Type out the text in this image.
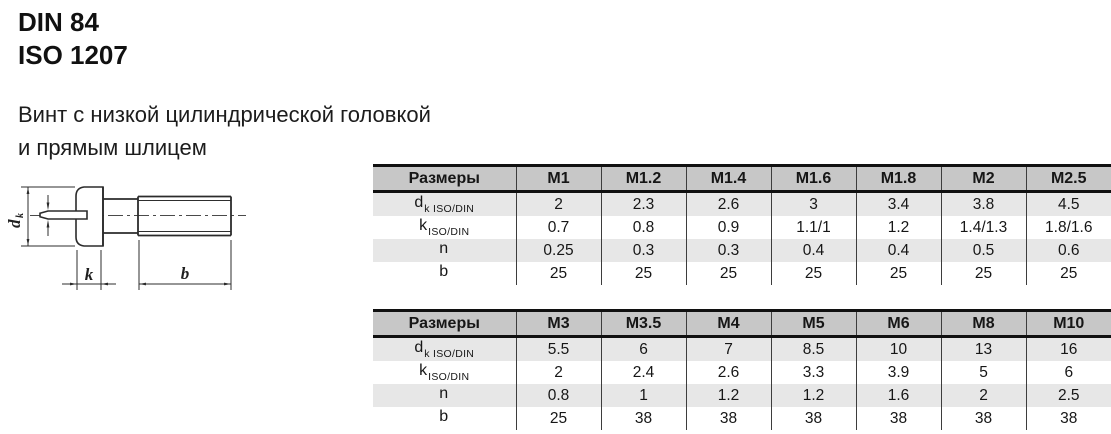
DIN 84
ISO 1207
Винт с низкой цилиндрической головкой
и прямым шлицем
d
k
k	b
Размеры	M1	M1.2	M1.4	M1.6	M1.8	M2	M2.5
$d_{k ISO/DIN}$	2	2.3	2.6	3	3.4	3.8	4.5
$k_{ISO/DIN}$	0.7	0.8	0.9	1.1/1	1.2	1.4/1.3	1.8/1.6
n	0.25	0.3	0.3	0.4	0.4	0.5	0.6
b	25	25	25	25	25	25	25
Размеры	M3	M3.5	M4	M5	M6	M8	M10
$d_{k ISO/DIN}$	5.5	6	7	8.5	10	13	16
$k_{ISO/DIN}$	2	2.4	2.6	3.3	3.9	5	6
n	0.8	1	1.2	1.2	1.6	2	2.5
b	25	38	38	38	38	38	38
